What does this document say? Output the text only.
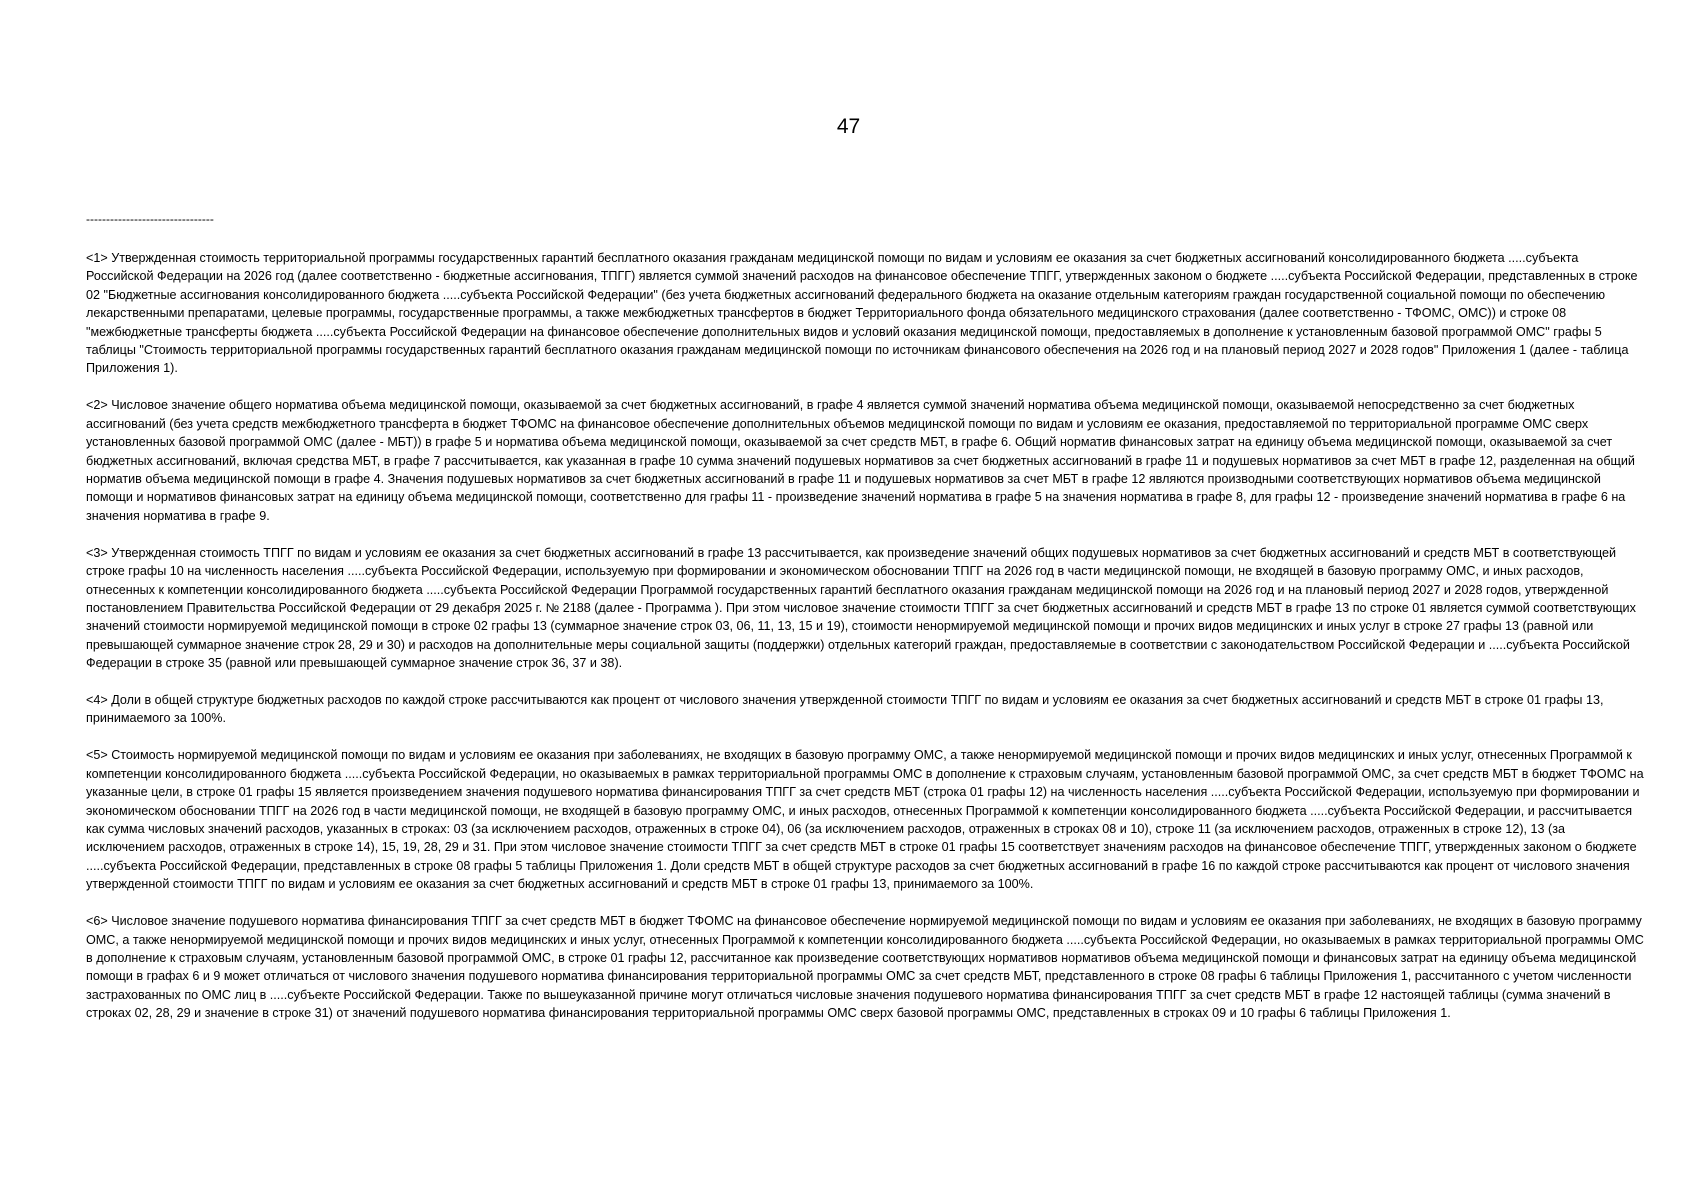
47
--------------------------------

<1> Утвержденная стоимость территориальной программы государственных гарантий бесплатного оказания гражданам медицинской помощи по видам и условиям ее оказания за счет бюджетных ассигнований консолидированного бюджета .....субъекта Российской Федерации на 2026 год (далее соответственно - бюджетные ассигнования, ТПГГ) является суммой значений расходов на финансовое обеспечение ТПГГ, утвержденных законом о бюджете .....субъекта Российской Федерации, представленных в строке 02 "Бюджетные ассигнования консолидированного бюджета .....субъекта Российской Федерации" (без учета бюджетных ассигнований федерального бюджета на оказание отдельным категориям граждан государственной социальной помощи по обеспечению лекарственными препаратами, целевые программы, государственные программы, а также межбюджетных трансфертов в бюджет Территориального фонда обязательного медицинского страхования (далее соответственно - ТФОМС, ОМС)) и строке 08 "межбюджетные трансферты бюджета .....субъекта Российской Федерации на финансовое обеспечение дополнительных видов и условий оказания медицинской помощи, предоставляемых в дополнение к установленным базовой программой ОМС" графы 5 таблицы "Стоимость территориальной программы государственных гарантий бесплатного оказания гражданам медицинской помощи по источникам финансового обеспечения на 2026 год и на плановый период 2027 и 2028 годов" Приложения 1 (далее - таблица Приложения 1).

<2> Числовое значение общего норматива объема медицинской помощи, оказываемой за счет бюджетных ассигнований, в графе 4 является суммой значений норматива объема медицинской помощи, оказываемой непосредственно за счет бюджетных ассигнований (без учета средств межбюджетного трансферта в бюджет ТФОМС на финансовое обеспечение дополнительных объемов медицинской помощи по видам и условиям ее оказания, предоставляемой по территориальной программе ОМС сверх установленных базовой программой ОМС (далее - МБТ)) в графе 5 и норматива объема медицинской помощи, оказываемой за счет средств МБТ, в графе 6. Общий норматив финансовых затрат на единицу объема медицинской помощи, оказываемой за счет бюджетных ассигнований, включая средства МБТ, в графе 7 рассчитывается, как указанная в графе 10 сумма значений подушевых нормативов за счет бюджетных ассигнований в графе 11 и подушевых нормативов за счет МБТ в графе 12, разделенная на общий норматив объема медицинской помощи в графе 4. Значения подушевых нормативов за счет бюджетных ассигнований в графе 11 и подушевых нормативов за счет МБТ в графе 12 являются производными соответствующих нормативов объема медицинской помощи и нормативов финансовых затрат на единицу объема медицинской помощи, соответственно для графы 11 - произведение значений норматива в графе 5 на значения норматива в графе 8, для графы 12 - произведение значений норматива в графе 6 на значения норматива в графе 9.

<3> Утвержденная стоимость ТПГГ по видам и условиям ее оказания за счет бюджетных ассигнований в графе 13 рассчитывается, как произведение значений общих подушевых нормативов за счет бюджетных ассигнований и средств МБТ в соответствующей строке графы 10 на численность населения .....субъекта Российской Федерации, используемую при формировании и экономическом обосновании ТПГГ на 2026 год в части медицинской помощи, не входящей в базовую программу ОМС, и иных расходов, отнесенных к компетенции консолидированного бюджета .....субъекта Российской Федерации Программой государственных гарантий бесплатного оказания гражданам медицинской помощи на 2026 год и на плановый период 2027 и 2028 годов, утвержденной постановлением Правительства Российской Федерации от 29 декабря 2025 г. № 2188 (далее - Программа ). При этом числовое значение стоимости ТПГГ за счет бюджетных ассигнований и средств МБТ в графе 13 по строке 01 является суммой соответствующих значений стоимости нормируемой медицинской помощи в строке 02 графы 13 (суммарное значение строк 03, 06, 11, 13, 15 и 19), стоимости ненормируемой медицинской помощи и прочих видов медицинских и иных услуг в строке 27 графы 13 (равной или превышающей суммарное значение строк 28, 29 и 30) и расходов на дополнительные меры социальной защиты (поддержки) отдельных категорий граждан, предоставляемые в соответствии с законодательством Российской Федерации и .....субъекта Российской Федерации в строке 35 (равной или превышающей суммарное значение строк 36, 37 и 38).

<4> Доли в общей структуре бюджетных расходов по каждой строке рассчитываются как процент от числового значения утвержденной стоимости ТПГГ по видам и условиям ее оказания за счет бюджетных ассигнований и средств МБТ в строке 01 графы 13, принимаемого за 100%.

<5> Стоимость нормируемой медицинской помощи по видам и условиям ее оказания при заболеваниях, не входящих в базовую программу ОМС, а также ненормируемой медицинской помощи и прочих видов медицинских и иных услуг, отнесенных Программой к компетенции консолидированного бюджета .....субъекта Российской Федерации, но оказываемых в рамках территориальной программы ОМС в дополнение к страховым случаям, установленным базовой программой ОМС, за счет средств МБТ в бюджет ТФОМС на указанные цели, в строке 01 графы 15 является произведением значения подушевого норматива финансирования ТПГГ за счет средств МБТ (строка 01 графы 12) на численность населения .....субъекта Российской Федерации, используемую при формировании и экономическом обосновании ТПГГ на 2026 год в части медицинской помощи, не входящей в базовую программу ОМС, и иных расходов, отнесенных Программой к компетенции консолидированного бюджета .....субъекта Российской Федерации, и рассчитывается как сумма числовых значений расходов, указанных в строках: 03 (за исключением расходов, отраженных в строке 04), 06 (за исключением расходов, отраженных в строках 08 и 10), строке 11 (за исключением расходов, отраженных в строке 12), 13 (за исключением расходов, отраженных в строке 14), 15, 19, 28, 29 и 31. При этом числовое значение стоимости ТПГГ за счет средств МБТ в строке 01 графы 15 соответствует значениям расходов на финансовое обеспечение ТПГГ, утвержденных законом о бюджете .....субъекта Российской Федерации, представленных в строке 08 графы 5 таблицы Приложения 1. Доли средств МБТ в общей структуре расходов за счет бюджетных ассигнований в графе 16 по каждой строке рассчитываются как процент от числового значения утвержденной стоимости ТПГГ по видам и условиям ее оказания за счет бюджетных ассигнований и средств МБТ в строке 01 графы 13, принимаемого за 100%.

<6> Числовое значение подушевого норматива финансирования ТПГГ за счет средств МБТ в бюджет ТФОМС на финансовое обеспечение нормируемой медицинской помощи по видам и условиям ее оказания при заболеваниях, не входящих в базовую программу ОМС, а также ненормируемой медицинской помощи и прочих видов медицинских и иных услуг, отнесенных Программой к компетенции консолидированного бюджета .....субъекта Российской Федерации, но оказываемых в рамках территориальной программы ОМС в дополнение к страховым случаям, установленным базовой программой ОМС, в строке 01 графы 12, рассчитанное как произведение соответствующих нормативов нормативов объема медицинской помощи и финансовых затрат на единицу объема медицинской помощи в графах 6 и 9 может отличаться от числового значения подушевого норматива финансирования территориальной программы ОМС за счет средств МБТ, представленного в строке 08 графы 6 таблицы Приложения 1, рассчитанного с учетом численности застрахованных по ОМС лиц в .....субъекте Российской Федерации. Также по вышеуказанной причине могут отличаться числовые значения подушевого норматива финансирования ТПГГ за счет средств МБТ в графе 12 настоящей таблицы (сумма значений в строках 02, 28, 29 и значение в строке 31) от значений подушевого норматива финансирования территориальной программы ОМС сверх базовой программы ОМС, представленных в строках 09 и 10 графы 6 таблицы Приложения 1.
